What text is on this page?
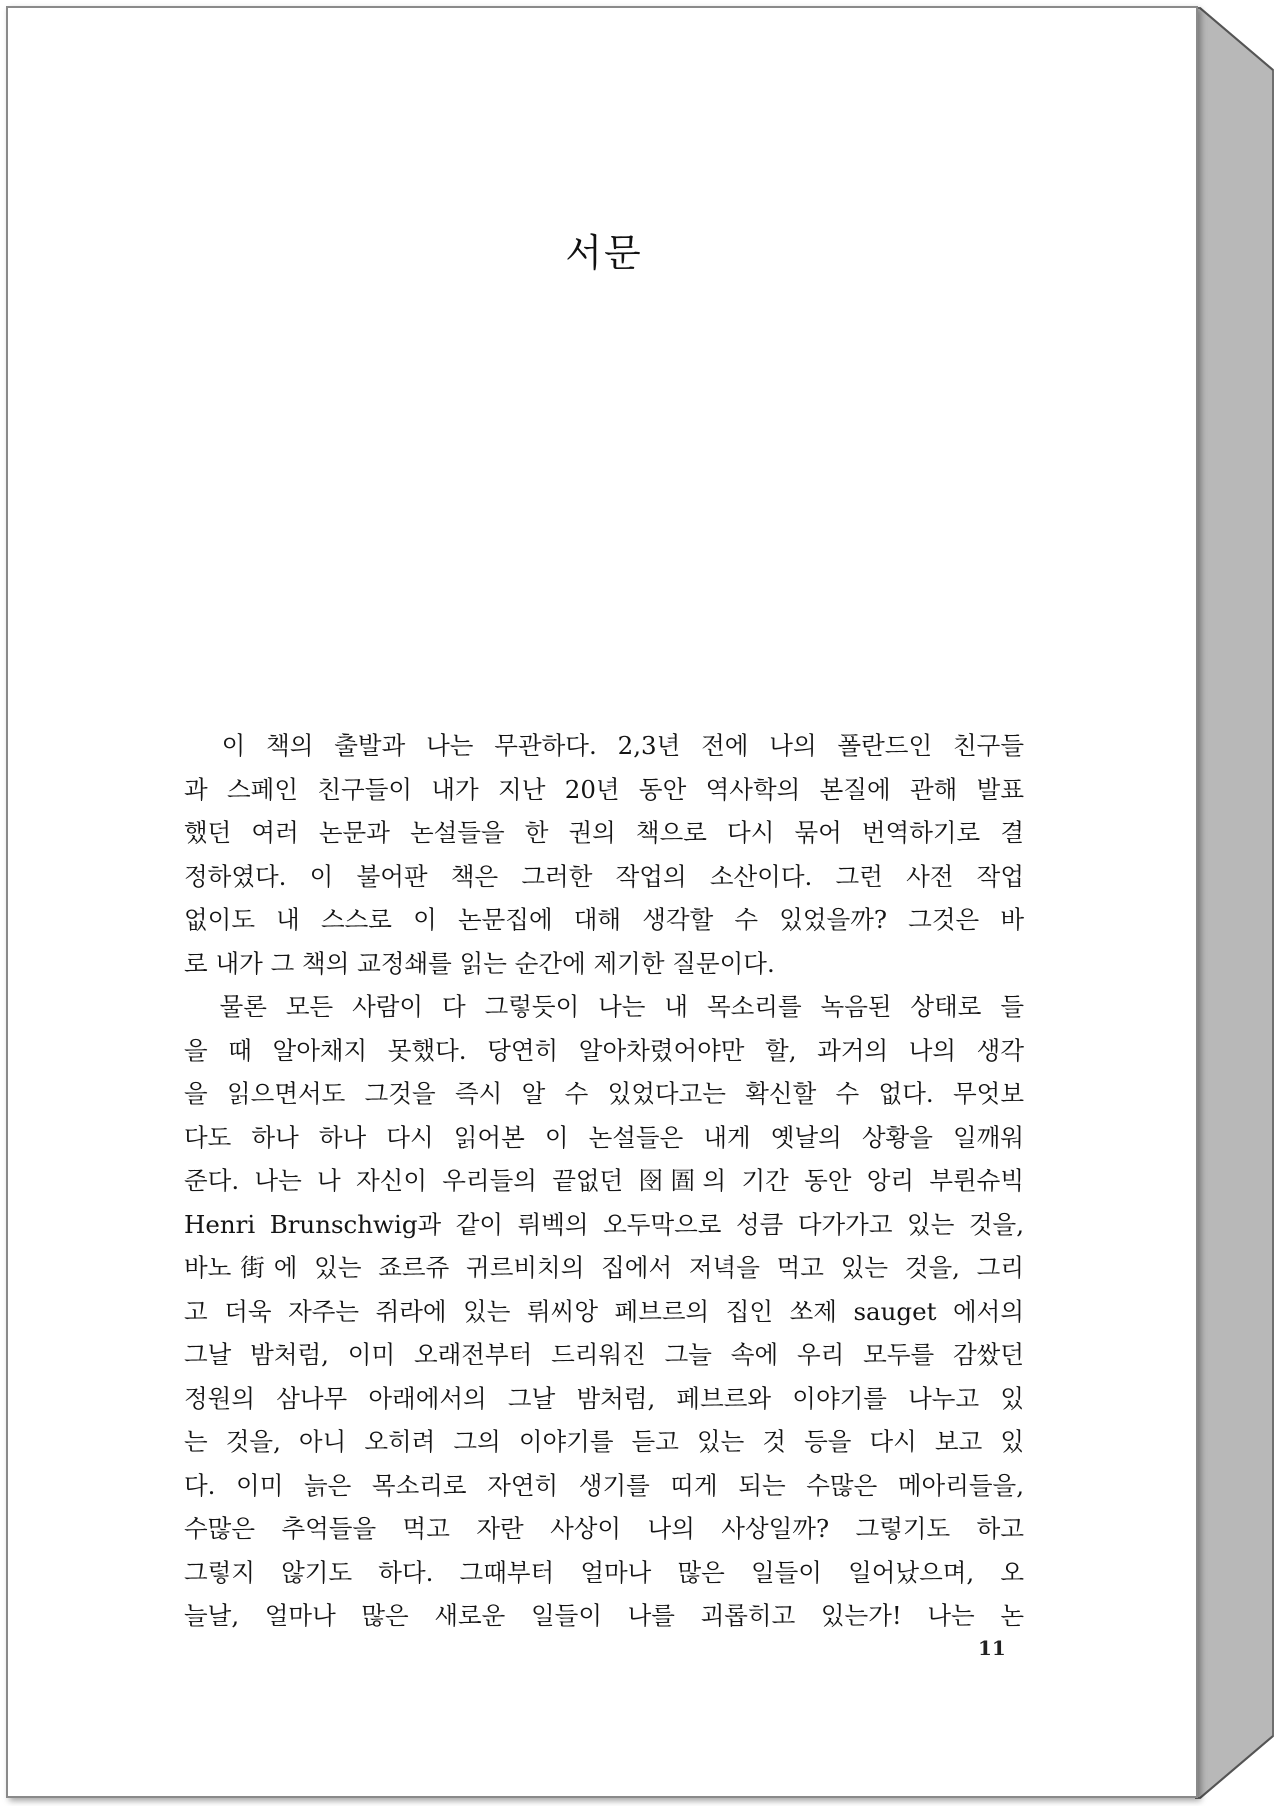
서문
　이 책의 출발과 나는 무관하다. 2,3년 전에 나의 폴란드인 친구들
과 스페인 친구들이 내가 지난 20년 동안 역사학의 본질에 관해 발표
했던 여러 논문과 논설들을 한 권의 책으로 다시 묶어 번역하기로 결
정하였다. 이 불어판 책은 그러한 작업의 소산이다. 그런 사전 작업
없이도 내 스스로 이 논문집에 대해 생각할 수 있었을까? 그것은 바
로 내가 그 책의 교정쇄를 읽는 순간에 제기한 질문이다.
　물론 모든 사람이 다 그렇듯이 나는 내 목소리를 녹음된 상태로 들
을 때 알아채지 못했다. 당연히 알아차렸어야만 할, 과거의 나의 생각
을 읽으면서도 그것을 즉시 알 수 있었다고는 확신할 수 없다. 무엇보
다도 하나 하나 다시 읽어본 이 논설들은 내게 옛날의 상황을 일깨워
준다. 나는 나 자신이 우리들의 끝없던 囹圄의 기간 동안 앙리 부륀슈빅
Henri Brunschwig과 같이 뤼벡의 오두막으로 성큼 다가가고 있는 것을,
바노街에 있는 죠르쥬 귀르비치의 집에서 저녁을 먹고 있는 것을, 그리
고 더욱 자주는 쥐라에 있는 뤼씨앙 페브르의 집인 쏘제 sauget 에서의
그날 밤처럼, 이미 오래전부터 드리워진 그늘 속에 우리 모두를 감쌌던
정원의 삼나무 아래에서의 그날 밤처럼, 페브르와 이야기를 나누고 있
는 것을, 아니 오히려 그의 이야기를 듣고 있는 것 등을 다시 보고 있
다. 이미 늙은 목소리로 자연히 생기를 띠게 되는 수많은 메아리들을,
수많은 추억들을 먹고 자란 사상이 나의 사상일까? 그렇기도 하고
그렇지 않기도 하다. 그때부터 얼마나 많은 일들이 일어났으며, 오
늘날, 얼마나 많은 새로운 일들이 나를 괴롭히고 있는가! 나는 논
11
